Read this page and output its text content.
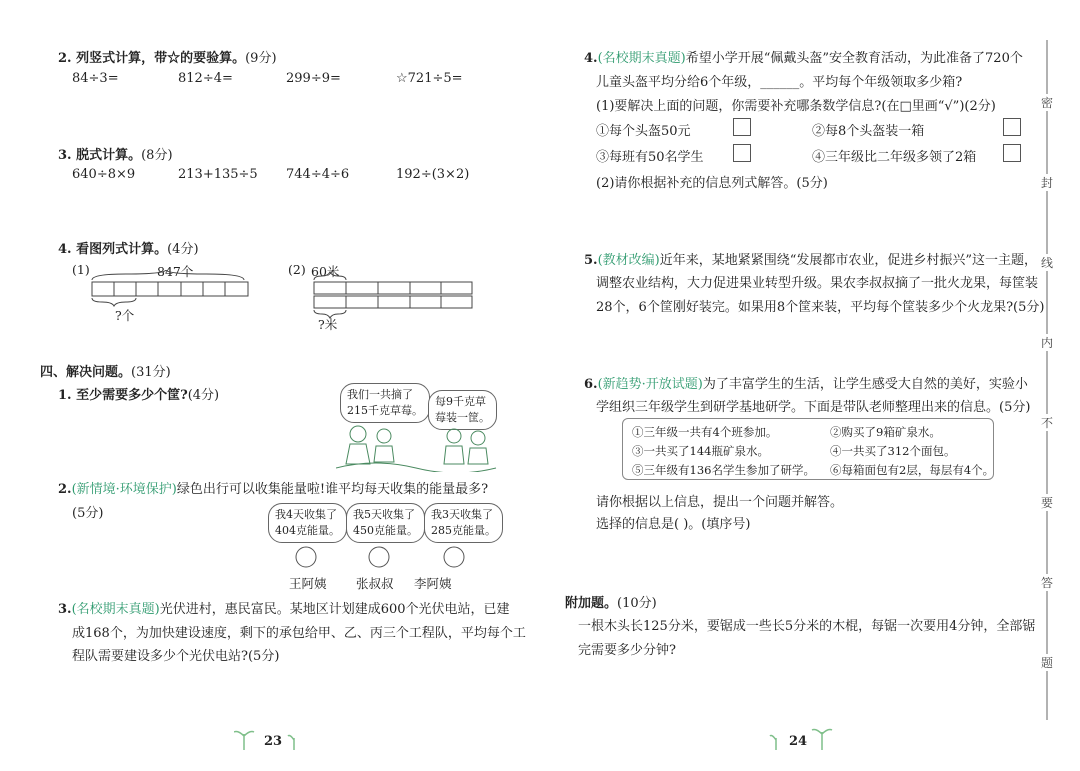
2. 列竖式计算，带☆的要验算。(9分)
84÷3=	812÷4=	299÷9=	☆721÷5=
3. 脱式计算。(8分)
640÷8×9	213+135÷5 744÷4÷6	192÷(3×2)
4. 看图列式计算。(4分)
(1)	847个
?个
(2) 60米
?米
四、解决问题。(31分)
1. 至少需要多少个筐?(4分)	我们一共摘了
215千克草莓。
每9千克草
莓装一筐。
2.(新情境·环境保护)绿色出行可以收集能量啦!谁平均每天收集的能量最多?
(5分)	我4天收集了
404克能量。
我5天收集了
450克能量。
我3天收集了
285克能量。
王阿姨 张叔叔 李阿姨
3.(名校期末真题)光伏进村，惠民富民。某地区计划建成600个光伏电站，已建
成168个，为加快建设速度，剩下的承包给甲、乙、丙三个工程队，平均每个工
程队需要建设多少个光伏电站?(5分)
23
4.(名校期末真题)希望小学开展“佩戴头盔”安全教育活动，为此准备了720个
儿童头盔平均分给6个年级，______。平均每个年级领取多少箱?
(1)要解决上面的问题，你需要补充哪条数学信息?(在□里画“√”)(2分)
①每个头盔50元	②每8个头盔装一箱
③每班有50名学生	④三年级比二年级多领了2箱
(2)请你根据补充的信息列式解答。(5分)
5.(教材改编)近年来，某地紧紧围绕“发展都市农业，促进乡村振兴”这一主题，
调整农业结构，大力促进果业转型升级。果农李叔叔摘了一批火龙果，每筐装
28个，6个筐刚好装完。如果用8个筐来装，平均每个筐装多少个火龙果?(5分)
6.(新趋势·开放试题)为了丰富学生的生活，让学生感受大自然的美好，实验小
学组织三年级学生到研学基地研学。下面是带队老师整理出来的信息。(5分)
①三年级一共有4个班参加。	②购买了9箱矿泉水。
③一共买了144瓶矿泉水。	④一共买了312个面包。
⑤三年级有136名学生参加了研学。 ⑥每箱面包有2层，每层有4个。
请你根据以上信息，提出一个问题并解答。
选择的信息是( )。(填序号)
附加题。(10分)
一根木头长125分米，要锯成一些长5分米的木棍，每锯一次要用4分钟，全部锯
完需要多少分钟?
24
密
封
线
内
不
要
答
题
